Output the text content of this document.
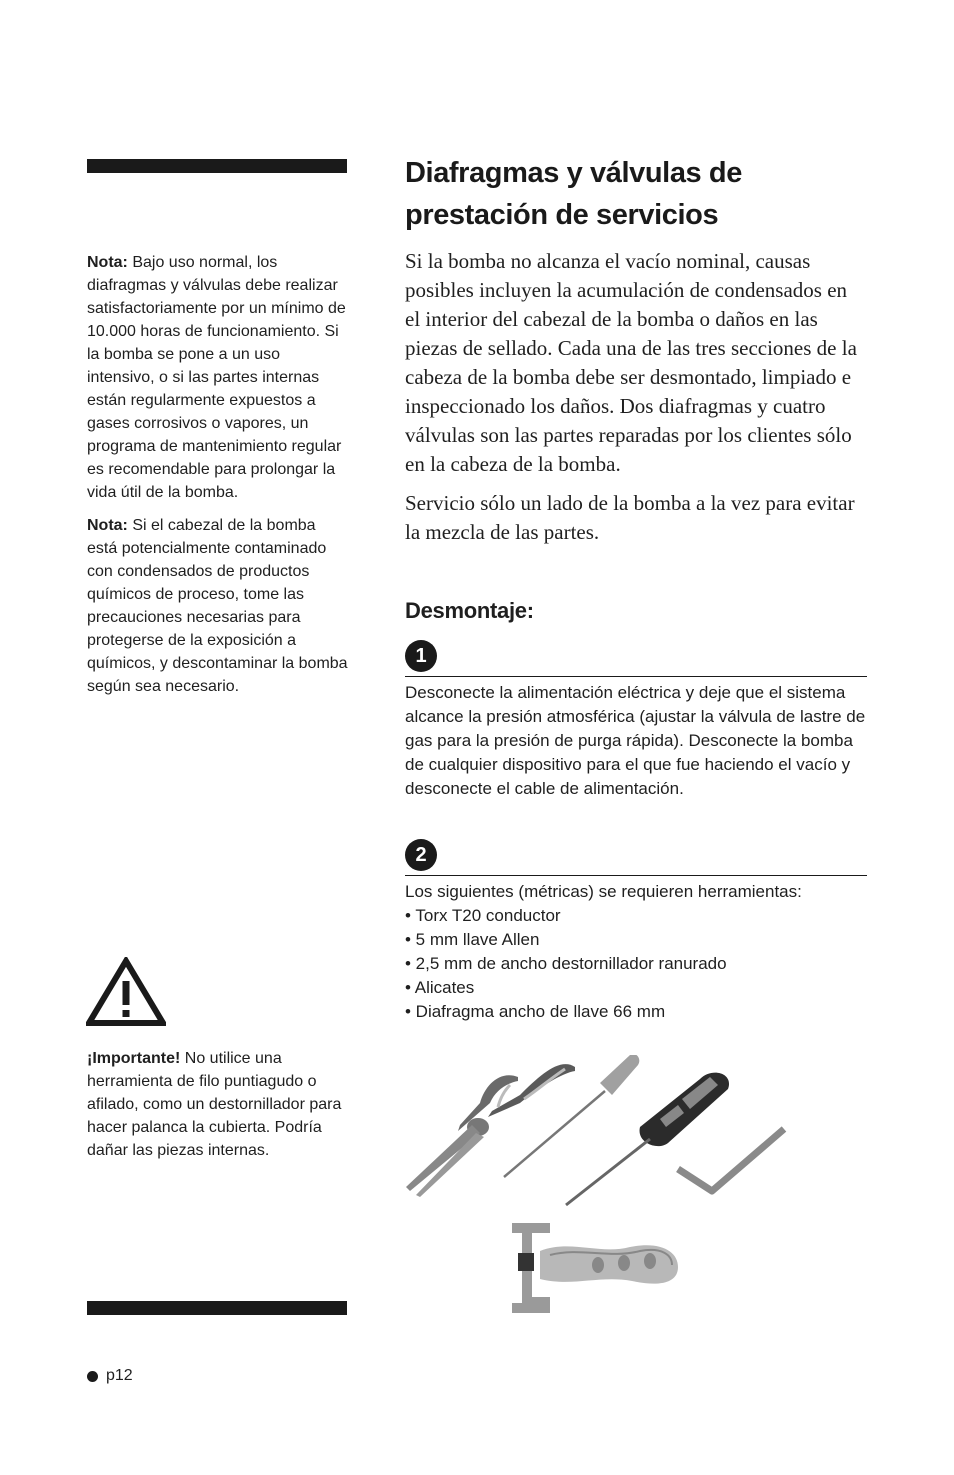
Nota: Bajo uso normal, los diafragmas y válvulas debe realizar satisfactoriamente por un mínimo de 10.000 horas de funcionamiento. Si la bomba se pone a un uso intensivo, o si las partes internas están regularmente expuestos a gases corrosivos o vapores, un programa de mantenimiento regular es recomendable para prolongar la vida útil de la bomba.

Nota: Si el cabezal de la bomba está potencialmente contaminado con condensados de productos químicos de proceso, tome las precauciones necesarias para protegerse de la exposición a químicos, y descontaminar la bomba según sea necesario.

¡Importante! No utilice una herramienta de filo puntiagudo o afilado, como un destornillador para hacer palanca la cubierta. Podría dañar las piezas internas.

Diafragmas y válvulas de prestación de servicios

Si la bomba no alcanza el vacío nominal, causas posibles incluyen la acumulación de condensados en el interior del cabezal de la bomba o daños en las piezas de sellado. Cada una de las tres secciones de la cabeza de la bomba debe ser desmontado, limpiado e inspeccionado los daños. Dos diafragmas y cuatro válvulas son las partes reparadas por los clientes sólo en la cabeza de la bomba.

Servicio sólo un lado de la bomba a la vez para evitar la mezcla de las partes.

Desmontaje:
1
Desconecte la alimentación eléctrica y deje que el sistema alcance la presión atmosférica (ajustar la válvula de lastre de gas para la presión de purga rápida). Desconecte la bomba de cualquier dispositivo para el que fue haciendo el vacío y desconecte el cable de alimentación.
2
Los siguientes (métricas) se requieren herramientas:
• Torx T20 conductor
• 5 mm llave Allen
• 2,5 mm de ancho destornillador ranurado
• Alicates
• Diafragma ancho de llave 66 mm
p12
